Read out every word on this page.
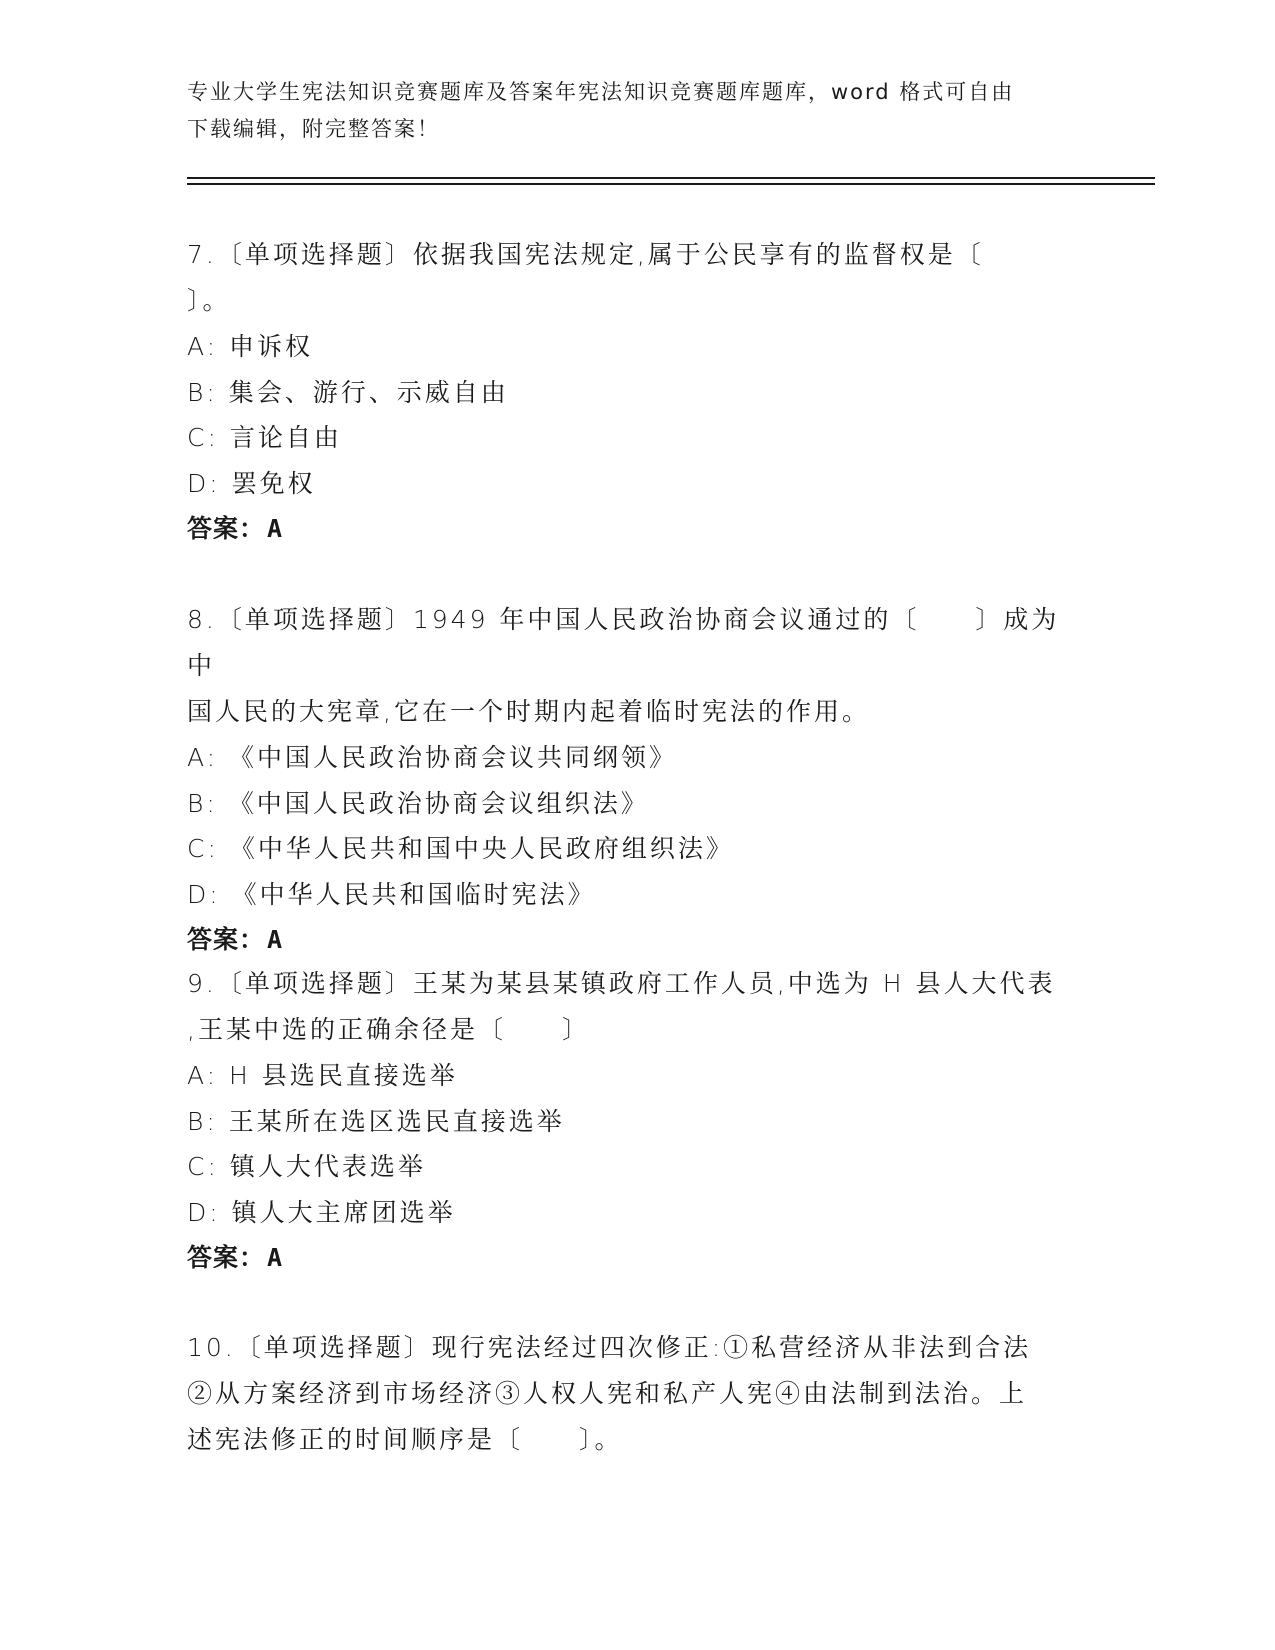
专业大学生宪法知识竞赛题库及答案年宪法知识竞赛题库题库，word 格式可自由
下载编辑，附完整答案！
7.〔单项选择题〕依据我国宪法规定,属于公民享有的监督权是〔
〕。
A: 申诉权
B: 集会、游行、示威自由
C: 言论自由
D: 罢免权
答案：A
8.〔单项选择题〕1949 年中国人民政治协商会议通过的〔　　〕成为中
国人民的大宪章,它在一个时期内起着临时宪法的作用。
A: 《中国人民政治协商会议共同纲领》
B: 《中国人民政治协商会议组织法》
C: 《中华人民共和国中央人民政府组织法》
D: 《中华人民共和国临时宪法》
答案：A
9.〔单项选择题〕王某为某县某镇政府工作人员,中选为 H 县人大代表
,王某中选的正确余径是〔　　〕
A: H 县选民直接选举
B: 王某所在选区选民直接选举
C: 镇人大代表选举
D: 镇人大主席团选举
答案：A
10.〔单项选择题〕现行宪法经过四次修正:①私营经济从非法到合法
②从方案经济到市场经济③人权人宪和私产人宪④由法制到法治。上
述宪法修正的时间顺序是〔　　〕。
